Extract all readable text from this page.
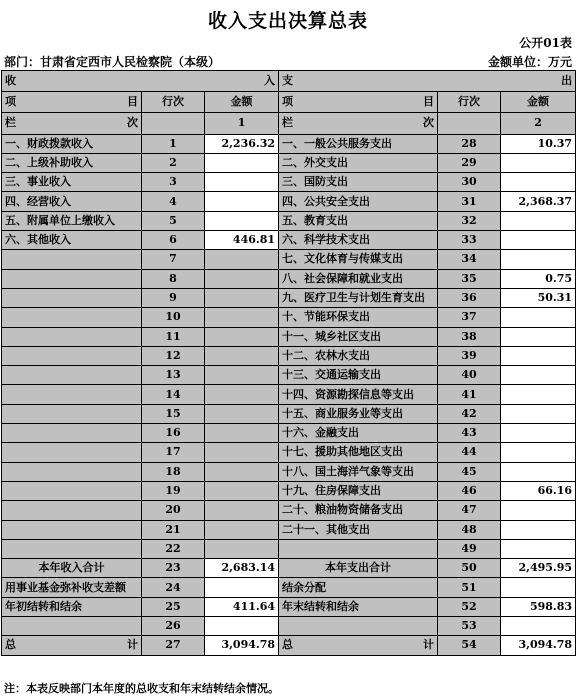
收入支出决算总表
公开01表
部门：甘肃省定西市人民检察院（本级）	金额单位：万元
收 入			支 出		

项 目	行次	金额	项 目	行次	金额

栏 次		1	栏 次		2
一、财政拨款收入	1	2,236.32	一、一般公共服务支出	28	10.37
二、上级补助收入	2		二、外交支出	29	
三、事业收入	3		三、国防支出	30	
四、经营收入	4		四、公共安全支出	31	2,368.37
五、附属单位上缴收入	5		五、教育支出	32	
六、其他收入	6	446.81	六、科学技术支出	33	
	7		七、文化体育与传媒支出	34	
	8		八、社会保障和就业支出	35	0.75
	9		九、医疗卫生与计划生育支出	36	50.31
	10		十、节能环保支出	37	
	11		十一、城乡社区支出	38	
	12		十二、农林水支出	39	
	13		十三、交通运输支出	40	
	14		十四、资源勘探信息等支出	41	
	15		十五、商业服务业等支出	42	
	16		十六、金融支出	43	
	17		十七、援助其他地区支出	44	
	18		十八、国土海洋气象等支出	45	
	19		十九、住房保障支出	46	66.16
	20		二十、粮油物资储备支出	47	
	21		二十一、其他支出	48	
	22			49	
本年收入合计	23	2,683.14	本年支出合计	50	2,495.95
用事业基金弥补收支差额	24		结余分配	51	
年初结转和结余	25	411.64	年末结转和结余	52	598.83
	26			53	

总 计	27	3,094.78	总 计	54	3,094.78
注：本表反映部门本年度的总收支和年末结转结余情况。
